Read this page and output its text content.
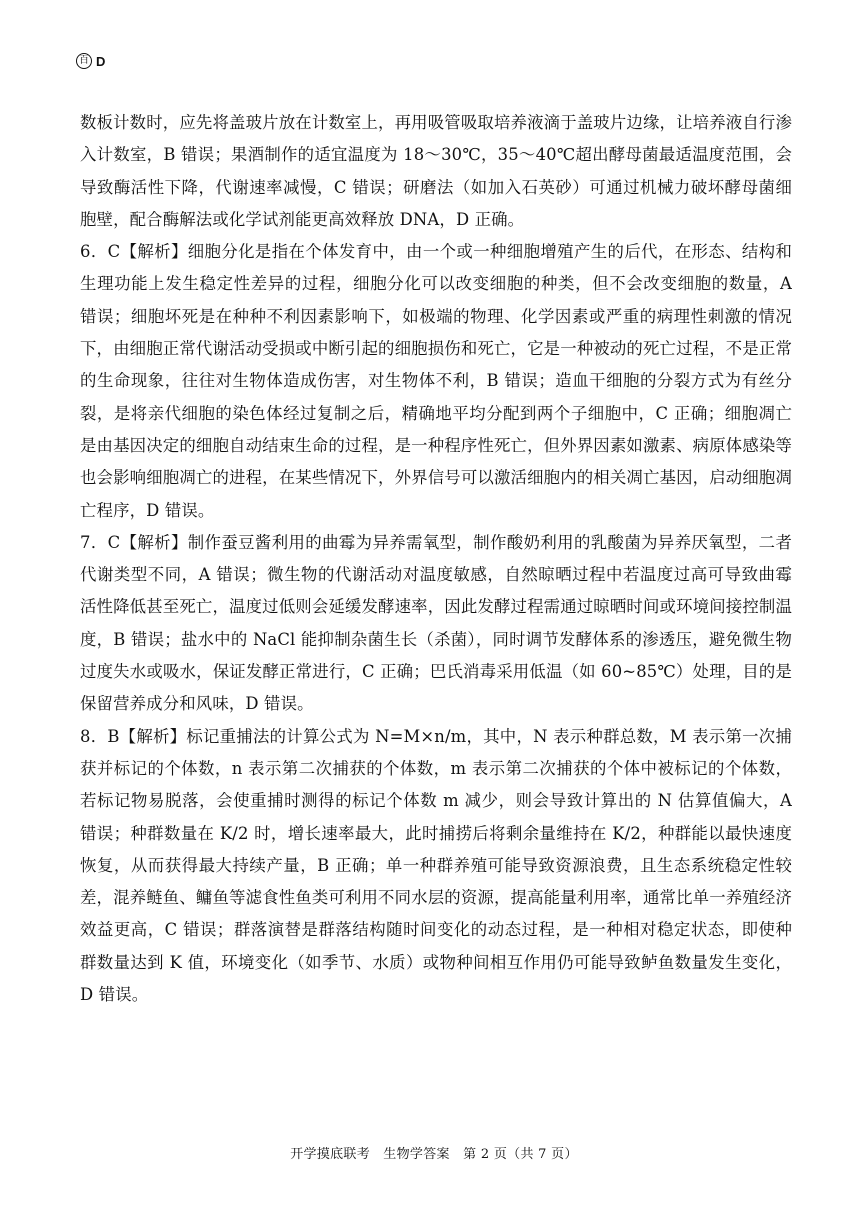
百 D

数板计数时，应先将盖玻片放在计数室上，再用吸管吸取培养液滴于盖玻片边缘，让培养液自行渗入计数室，B 错误；果酒制作的适宜温度为 18～30℃，35～40℃超出酵母菌最适温度范围，会导致酶活性下降，代谢速率减慢，C 错误；研磨法（如加入石英砂）可通过机械力破坏酵母菌细胞壁，配合酶解法或化学试剂能更高效释放 DNA，D 正确。

6．C【解析】细胞分化是指在个体发育中，由一个或一种细胞增殖产生的后代，在形态、结构和生理功能上发生稳定性差异的过程，细胞分化可以改变细胞的种类，但不会改变细胞的数量，A 错误；细胞坏死是在种种不利因素影响下，如极端的物理、化学因素或严重的病理性刺激的情况下，由细胞正常代谢活动受损或中断引起的细胞损伤和死亡，它是一种被动的死亡过程，不是正常的生命现象，往往对生物体造成伤害，对生物体不利，B 错误；造血干细胞的分裂方式为有丝分裂，是将亲代细胞的染色体经过复制之后，精确地平均分配到两个子细胞中，C 正确；细胞凋亡是由基因决定的细胞自动结束生命的过程，是一种程序性死亡，但外界因素如激素、病原体感染等也会影响细胞凋亡的进程，在某些情况下，外界信号可以激活细胞内的相关凋亡基因，启动细胞凋亡程序，D 错误。

7．C【解析】制作蚕豆酱利用的曲霉为异养需氧型，制作酸奶利用的乳酸菌为异养厌氧型，二者代谢类型不同，A 错误；微生物的代谢活动对温度敏感，自然晾晒过程中若温度过高可导致曲霉活性降低甚至死亡，温度过低则会延缓发酵速率，因此发酵过程需通过晾晒时间或环境间接控制温度，B 错误；盐水中的 NaCl 能抑制杂菌生长（杀菌），同时调节发酵体系的渗透压，避免微生物过度失水或吸水，保证发酵正常进行，C 正确；巴氏消毒采用低温（如 60~85℃）处理，目的是保留营养成分和风味，D 错误。

8．B【解析】标记重捕法的计算公式为 N=M×n/m，其中，N 表示种群总数，M 表示第一次捕获并标记的个体数，n 表示第二次捕获的个体数，m 表示第二次捕获的个体中被标记的个体数，若标记物易脱落，会使重捕时测得的标记个体数 m 减少，则会导致计算出的 N 估算值偏大，A 错误；种群数量在 K/2 时，增长速率最大，此时捕捞后将剩余量维持在 K/2，种群能以最快速度恢复，从而获得最大持续产量，B 正确；单一种群养殖可能导致资源浪费，且生态系统稳定性较差，混养鲢鱼、鳙鱼等滤食性鱼类可利用不同水层的资源，提高能量利用率，通常比单一养殖经济效益更高，C 错误；群落演替是群落结构随时间变化的动态过程，是一种相对稳定状态，即使种群数量达到 K 值，环境变化（如季节、水质）或物种间相互作用仍可能导致鲈鱼数量发生变化，D 错误。

开学摸底联考　生物学答案　第 2 页（共 7 页）
